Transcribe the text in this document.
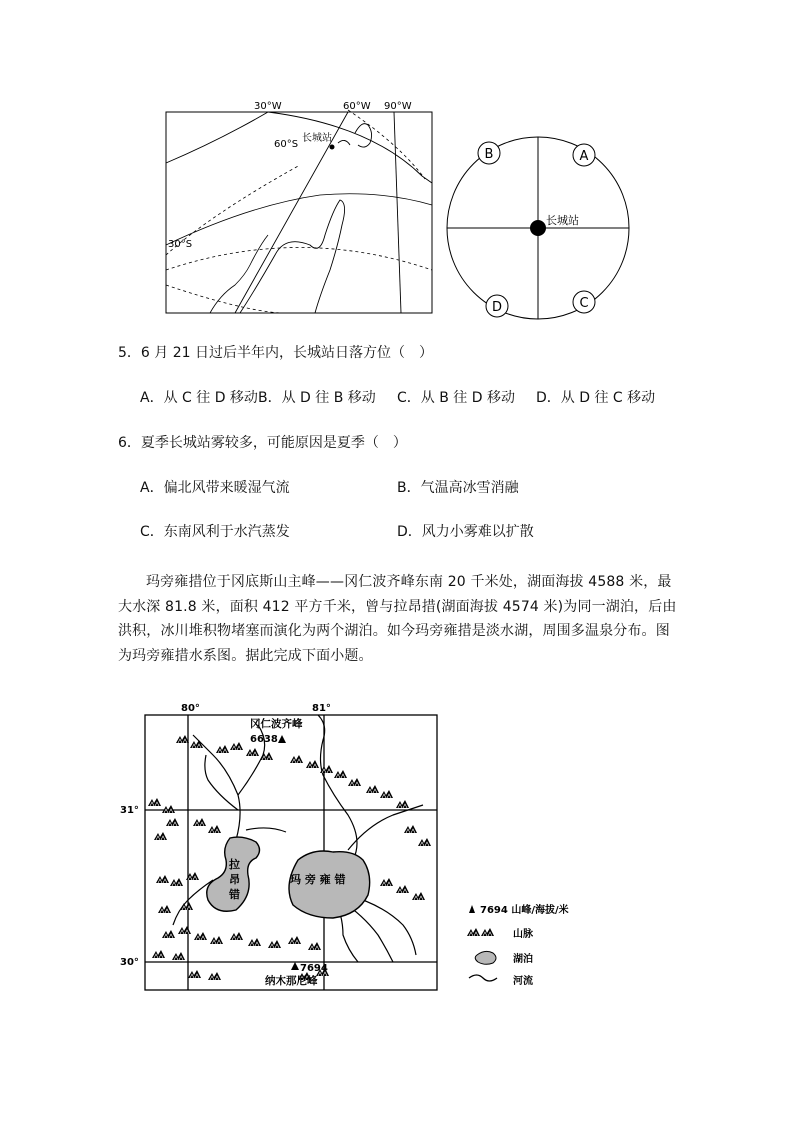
30°W	60°W 90°W
60°S
30°S
长城站
长城站
B	A
D	C
5．6 月 21 日过后半年内，长城站日落方位（　）
A．从 C 往 D 移动 B．从 D 往 B 移动 C．从 B 往 D 移动 D．从 D 往 C 移动
6．夏季长城站雾较多，可能原因是夏季（　）
A．偏北风带来暖湿气流	B．气温高冰雪消融
C．东南风利于水汽蒸发	D．风力小雾难以扩散
玛旁雍措位于冈底斯山主峰——冈仁波齐峰东南 20 千米处，湖面海拔 4588 米，最大水深 81.8 米，面积 412 平方千米，曾与拉昂措(湖面海拔 4574 米)为同一湖泊，后由洪积，冰川堆积物堵塞而演化为两个湖泊。如今玛旁雍措是淡水湖，周围多温泉分布。图为玛旁雍措水系图。据此完成下面小题。
80°	81°
31°
30°
冈仁波齐峰
6638
7694
纳木那尼峰
拉
昂
错
玛 旁 雍 错
7694 山峰/海拔/米
山脉
湖泊
河流
